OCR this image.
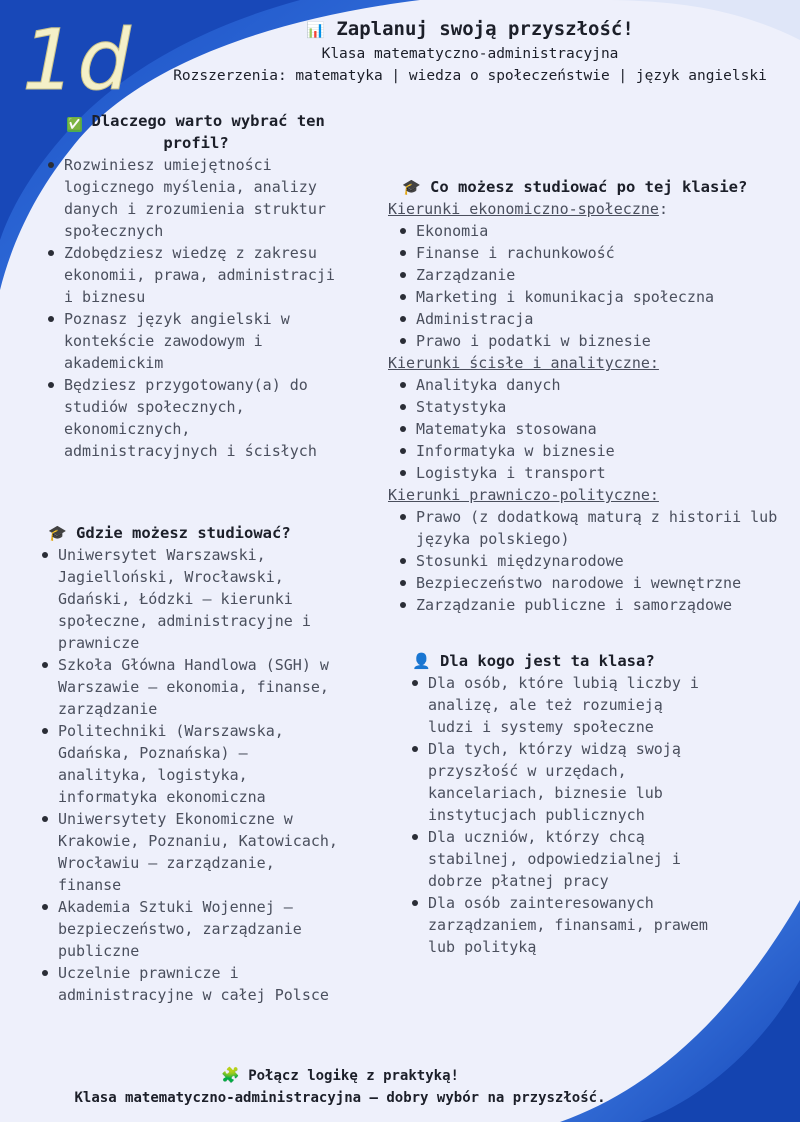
1d	📊 Zaplanuj swoją przyszłość!
Klasa matematyczno-administracyjna
Rozszerzenia: matematyka | wiedza o społeczeństwie | język angielski
✅ Dlaczego warto wybrać ten profil?
Rozwiniesz umiejętności logicznego myślenia, analizy danych i zrozumienia struktur społecznych
Zdobędziesz wiedzę z zakresu ekonomii, prawa, administracji i biznesu
Poznasz język angielski w kontekście zawodowym i akademickim
Będziesz przygotowany(a) do studiów społecznych, ekonomicznych, administracyjnych i ścisłych
🎓 Gdzie możesz studiować?
Uniwersytet Warszawski, Jagielloński, Wrocławski, Gdański, Łódzki – kierunki społeczne, administracyjne i prawnicze
Szkoła Główna Handlowa (SGH) w Warszawie – ekonomia, finanse, zarządzanie
Politechniki (Warszawska, Gdańska, Poznańska) – analityka, logistyka, informatyka ekonomiczna
Uniwersytety Ekonomiczne w Krakowie, Poznaniu, Katowicach, Wrocławiu – zarządzanie, finanse
Akademia Sztuki Wojennej – bezpieczeństwo, zarządzanie publiczne
Uczelnie prawnicze i administracyjne w całej Polsce
🎓 Co możesz studiować po tej klasie?
Kierunki ekonomiczno-społeczne:
Ekonomia
Finanse i rachunkowość
Zarządzanie
Marketing i komunikacja społeczna
Administracja
Prawo i podatki w biznesie
Kierunki ścisłe i analityczne:
Analityka danych
Statystyka
Matematyka stosowana
Informatyka w biznesie
Logistyka i transport
Kierunki prawniczo-polityczne:
Prawo (z dodatkową maturą z historii lub języka polskiego)
Stosunki międzynarodowe
Bezpieczeństwo narodowe i wewnętrzne
Zarządzanie publiczne i samorządowe
👤 Dla kogo jest ta klasa?
Dla osób, które lubią liczby i analizę, ale też rozumieją ludzi i systemy społeczne
Dla tych, którzy widzą swoją przyszłość w urzędach, kancelariach, biznesie lub instytucjach publicznych
Dla uczniów, którzy chcą stabilnej, odpowiedzialnej i dobrze płatnej pracy
Dla osób zainteresowanych zarządzaniem, finansami, prawem lub polityką
🧩 Połącz logikę z praktyką!
Klasa matematyczno-administracyjna – dobry wybór na przyszłość.
